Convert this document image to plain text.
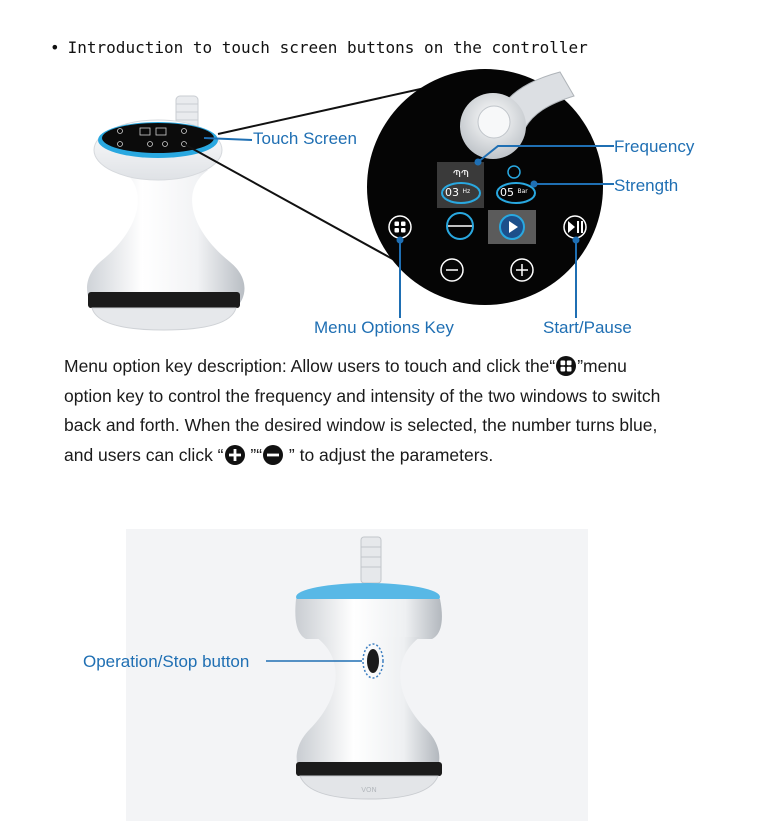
• Introduction to touch screen buttons on the controller
ՊՊ
03 $^{Hz}$	05 $^{Bar}$
Touch Screen	Frequency
Strength
Menu Options Key	Start/Pause
Menu option key description: Allow users to touch and click the“ ”menu
option key to control the frequency and intensity of the two windows to switch
back and forth. When the desired window is selected, the number turns blue,
and users can click “ ”“ ” to adjust the parameters.
VON
Operation/Stop button
